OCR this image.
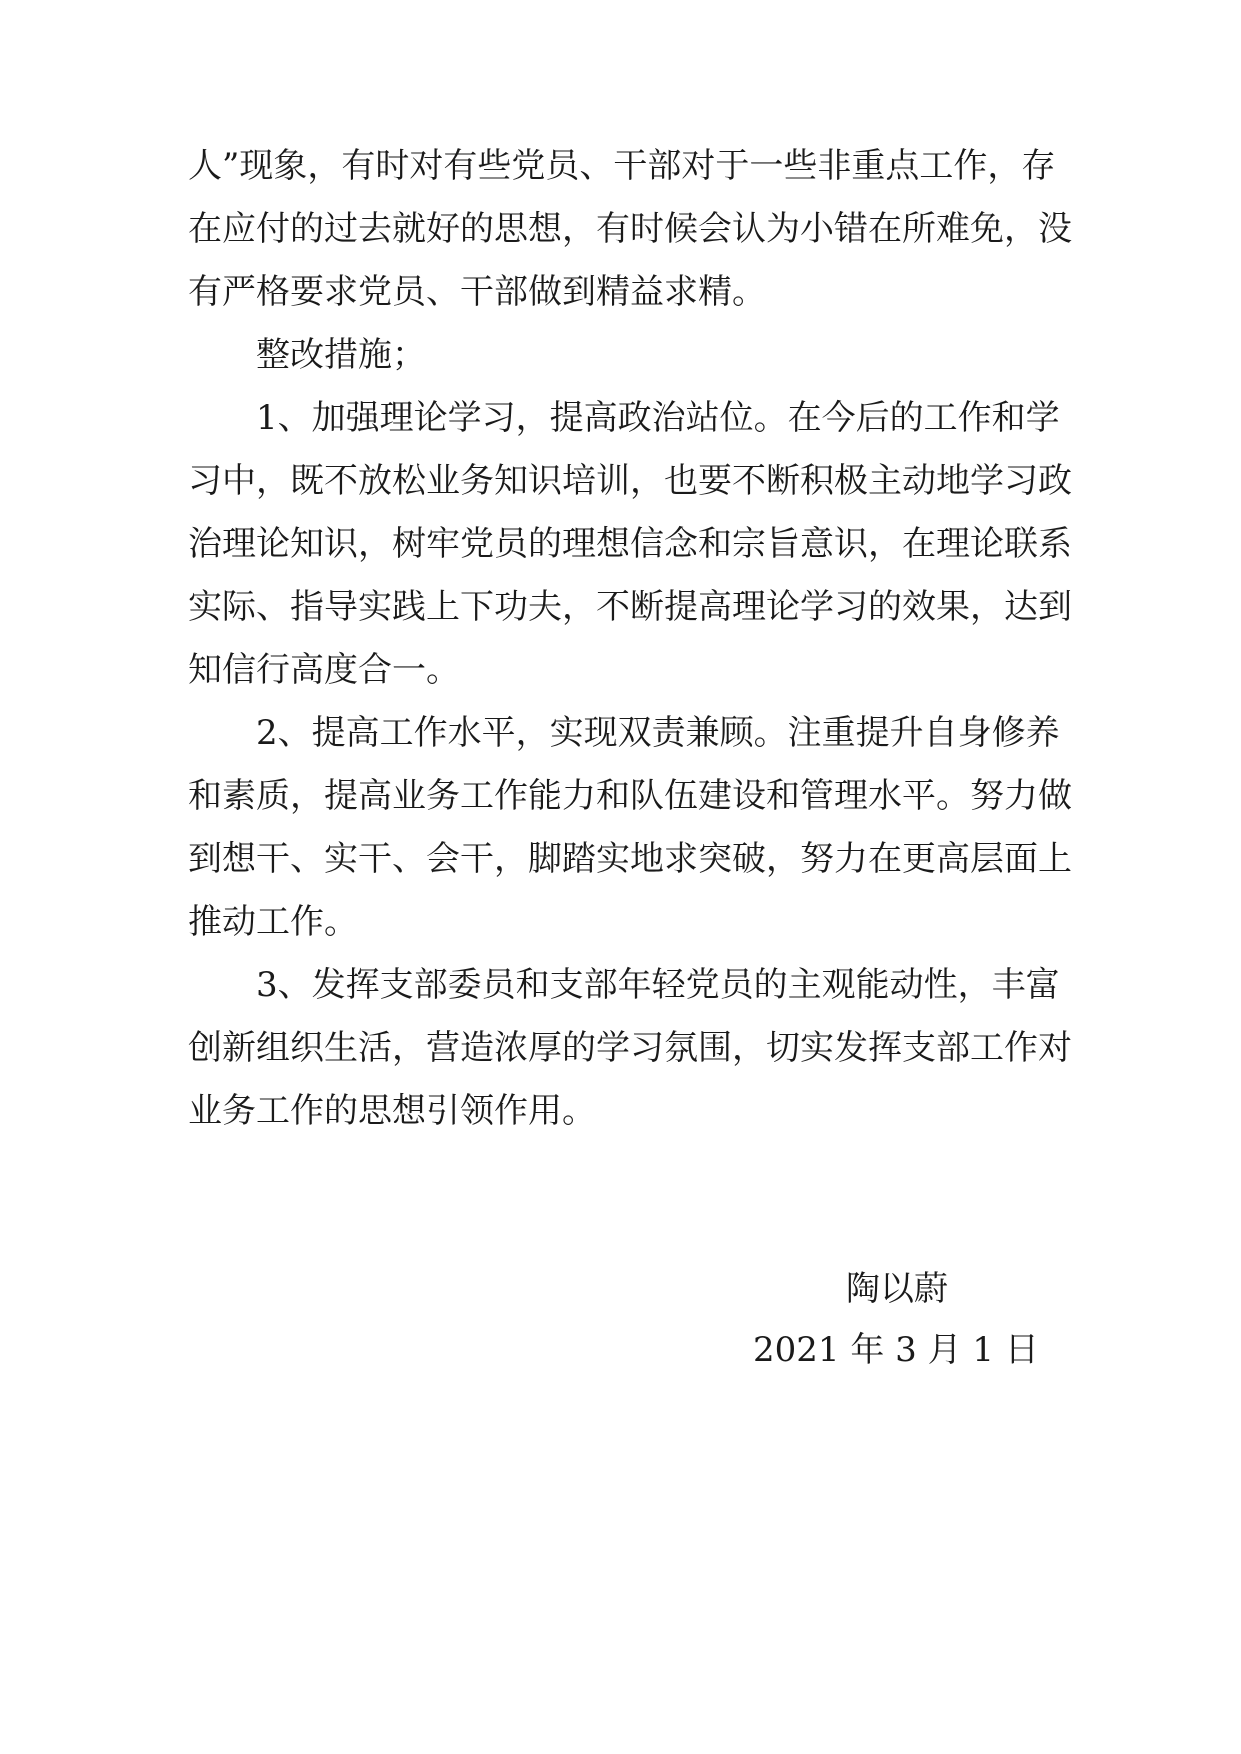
人”现象，有时对有些党员、干部对于一些非重点工作，存
在应付的过去就好的思想，有时候会认为小错在所难免，没
有严格要求党员、干部做到精益求精。
整改措施；
1、加强理论学习，提高政治站位。在今后的工作和学
习中，既不放松业务知识培训，也要不断积极主动地学习政
治理论知识，树牢党员的理想信念和宗旨意识，在理论联系
实际、指导实践上下功夫，不断提高理论学习的效果，达到
知信行高度合一。
2、提高工作水平，实现双责兼顾。注重提升自身修养
和素质，提高业务工作能力和队伍建设和管理水平。努力做
到想干、实干、会干，脚踏实地求突破，努力在更高层面上
推动工作。
3、发挥支部委员和支部年轻党员的主观能动性，丰富
创新组织生活，营造浓厚的学习氛围，切实发挥支部工作对
业务工作的思想引领作用。
陶以蔚
2021 年 3 月 1 日
